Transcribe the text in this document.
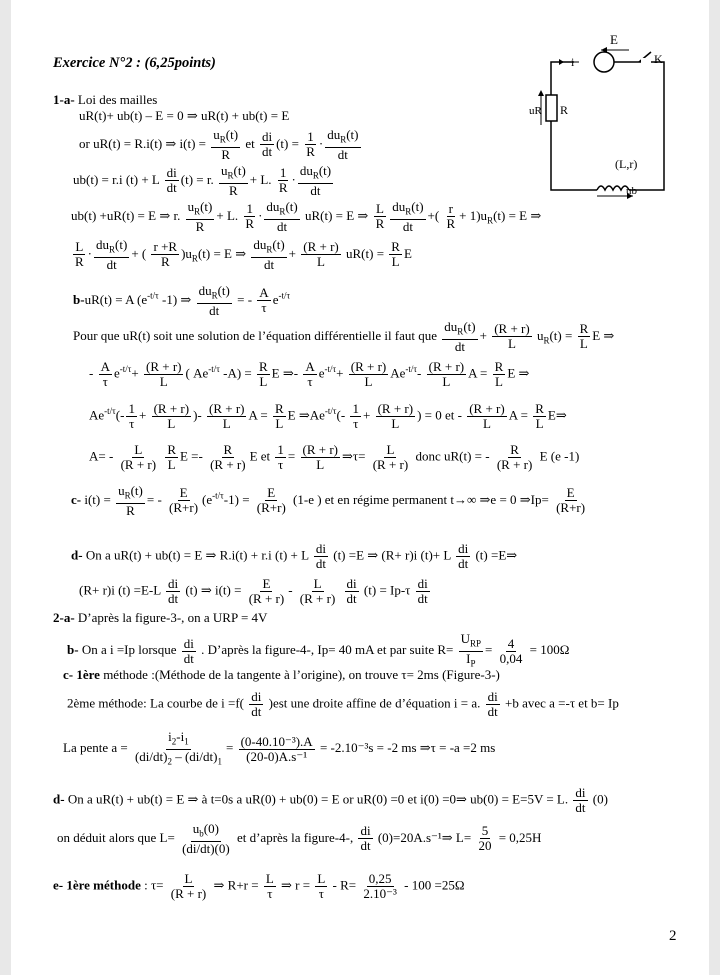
Exercice N°2 : (6,25points)
E
i	K
uR R
(L,r)
ub
1-a- Loi des mailles
uR(t)+ ub(t) – E = 0 ⇒ uR(t) + ub(t) = E
or uR(t) = R.i(t) ⇒ $i(t) = \frac{u_R(t)}{R}$ et $\frac{di}{dt} (t) = \frac{1}{R} \cdot \frac{du_R(t)}{dt}$
ub(t) = r.i (t) + L $\frac{di}{dt} (t) = r$. $\frac{u_R(t)}{R} + L$. $\frac{1}{R} \cdot \frac{du_R(t)}{dt}$
ub(t) +uR(t) = E ⇒ r. $\frac{u_R(t)}{R} + L$. $\frac{1}{R} \cdot \frac{du_R(t)}{dt} uR(t) = E$ ⇒ $\frac{L}{R} \frac{du_R(t)}{dt}$ +( $\frac{r}{R} + 1)u_R(t) = E$ ⇒
$\frac{L}{R} \cdot \frac{du_R(t)}{dt}$ + ( $\frac{r +R}{R} )u_R(t) = E$ ⇒ $\frac{du_R(t)}{dt} + \frac{(R + r)}{L} uR(t) = \frac{R}{L}$ E
b-uR(t) = A ($e^{-t/\tau}$ -1) ⇒ $\frac{du_R(t)}{dt}$ = - $\frac{A}{\tau} e^{-t/\tau}$
Pour que uR(t) soit une solution de l’équation différentielle il faut que $\frac{du_R(t)}{dt} + \frac{(R + r)}{L} u_R(t) = \frac{R}{L}$ E ⇒
- $\frac{A}{\tau} e^{-t/\tau}+ \frac{(R + r)}{L}$ ( $Ae^{-t/\tau}$ $-A) = \frac{R}{L}$ E ⇒- $\frac{A}{\tau} e^{-t/\tau}+ \frac{(R + r)}{L} Ae^{-t/\tau}- \frac{(R + r)}{L}$ $A = \frac{R}{L}$ E ⇒
$Ae^{-t/\tau}(- \frac{1}{\tau} + \frac{(R + r)}{L}$ )- $\frac{(R + r)}{L}$ $A = \frac{R}{L}$ E $\Rightarrow Ae^{-t/\tau}(- \frac{1}{\tau} + \frac{(R + r)}{L}$ ) = 0 et - $\frac{(R + r)}{L}$ $A = \frac{R}{L}$ E⇒
$A= - \frac{L}{(R + r)}$
$\frac{R}{L}$ $E =- \frac{R}{(R + r)}$ E et $\frac{1}{\tau} = \frac{(R + r)}{L}$ ⇒τ= $\frac{L}{(R + r)}$ donc uR(t) = - $\frac{R}{(R + r)}$ E (e -1)
c- $i(t) = \frac{u_R(t)}{R}$ = - $\frac{E}{(R+r)} (e^{-t/\tau}-1) = \frac{E}{(R+r)} (1-e$ ) et en régime permanent t→∞ ⇒e = 0 ⇒Ip= $\frac{E}{(R+r)}$
d- On a uR(t) + ub(t) = E ⇒ R.i(t) + r.i (t) + L $\frac{di}{dt} (t) =E$ ⇒ (R+ r)i (t)+ L $\frac{di}{dt} (t)$ =E⇒
(R+ r)i $(t) =E-L \frac{di}{dt} (t)$ ⇒ $i(t) = \frac{E}{(R + r)} - \frac{L}{(R + r)}$
$\frac{di}{dt} (t) = Ip-\tau \frac{di}{dt}$
2-a- D’après la figure-3-, on a URP = 4V
b- On a i =Ip lorsque $\frac{di}{dt}$ . D’après la figure-4-, Ip= 40 mA et par suite $R= \frac{U_{RP}}{I_P} = \frac{4}{0,04} = 100\Omega$
c- 1ère méthode :(Méthode de la tangente à l’origine), on trouve τ= 2ms (Figure-3-)
2ème méthode: La courbe de $i =f( \frac{di}{dt} )est$ une droite affine de d’équation i = a. $\frac{di}{dt} +b$ avec a =-τ et b= Ip
La pente $a = \frac{i_2-i_1}{(di/dt)_2 - (di/dt)_1} = \frac{\text{(0-40.10⁻³).A}}{\text{(20-0)A.s⁻¹}} = -2.10^{-3}s = -2$ ms ⇒τ = -a =2 ms
d- On a uR(t) + ub(t) = E ⇒ à t=0s a uR(0) + ub(0) = E or uR(0) =0 et i(0) =0⇒ ub(0) = E=5V = L. $\frac{di}{dt} (0)$
on déduit alors que $L= \frac{u_b(0)}{(di/dt)(0)}$ et d’après la figure-4-, $\frac{di}{dt}$ (0)=20A.s⁻¹⇒ $L= \frac{5}{20} = 0,25H$
e- 1ère méthode : $\tau= \frac{L}{(R + r)}$ ⇒ $R+r = \frac{L}{\tau}$ ⇒ $r = \frac{L}{\tau} - R= \frac{0,25}{\text{2.10⁻³}} - 100 =25\Omega$
2
